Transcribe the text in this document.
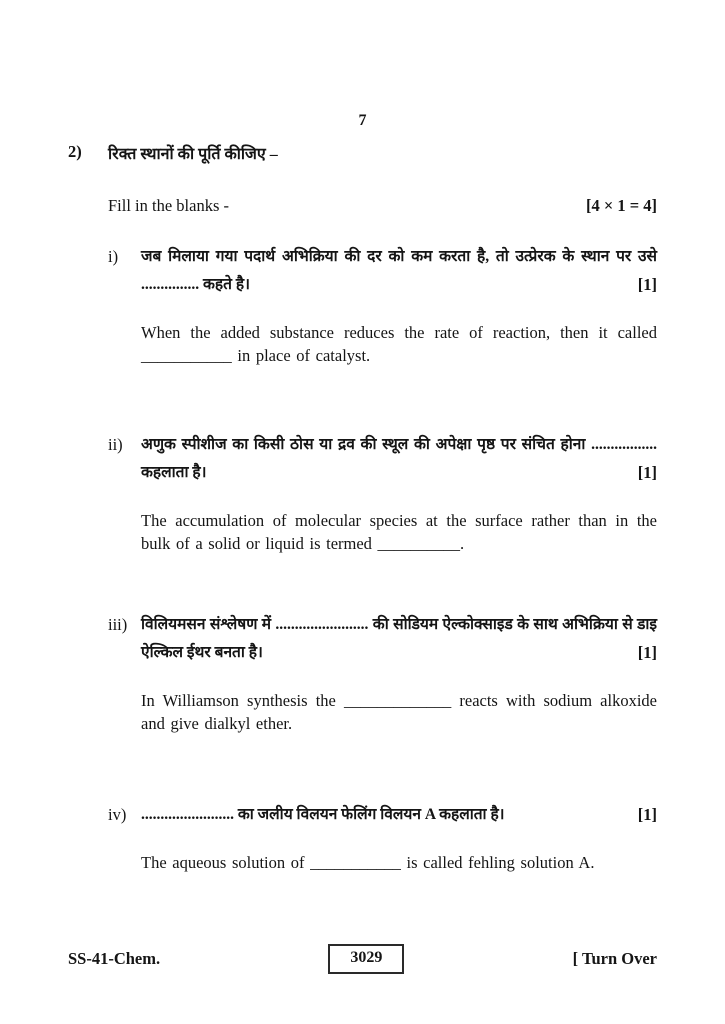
7
2)	रिक्त स्थानों की पूर्ति कीजिए –
Fill in the blanks -	[4 × 1 = 4]
i)	जब मिलाया गया पदार्थ अभिक्रिया की दर को कम करता है, तो उत्प्रेरक के स्थान पर उसे ............... कहते है।	[1]

When the added substance reduces the rate of reaction, then it called ___________ in place of catalyst.

ii)	अणुक स्पीशीज का किसी ठोस या द्रव की स्थूल की अपेक्षा पृष्ठ पर संचित होना ................. कहलाता है।	[1]

The accumulation of molecular species at the surface rather than in the bulk of a solid or liquid is termed __________.

iii) विलियमसन संश्लेषण में ........................ की सोडियम ऐल्कोक्साइड के साथ अभिक्रिया से डाइ ऐल्किल ईथर बनता है।	[1]

In Williamson synthesis the _____________ reacts with sodium alkoxide and give dialkyl ether.

iv) ........................ का जलीय विलयन फेलिंग विलयन A कहलाता है।	[1]

The aqueous solution of ___________ is called fehling solution A.

SS-41-Chem.	3029	[ Turn Over
